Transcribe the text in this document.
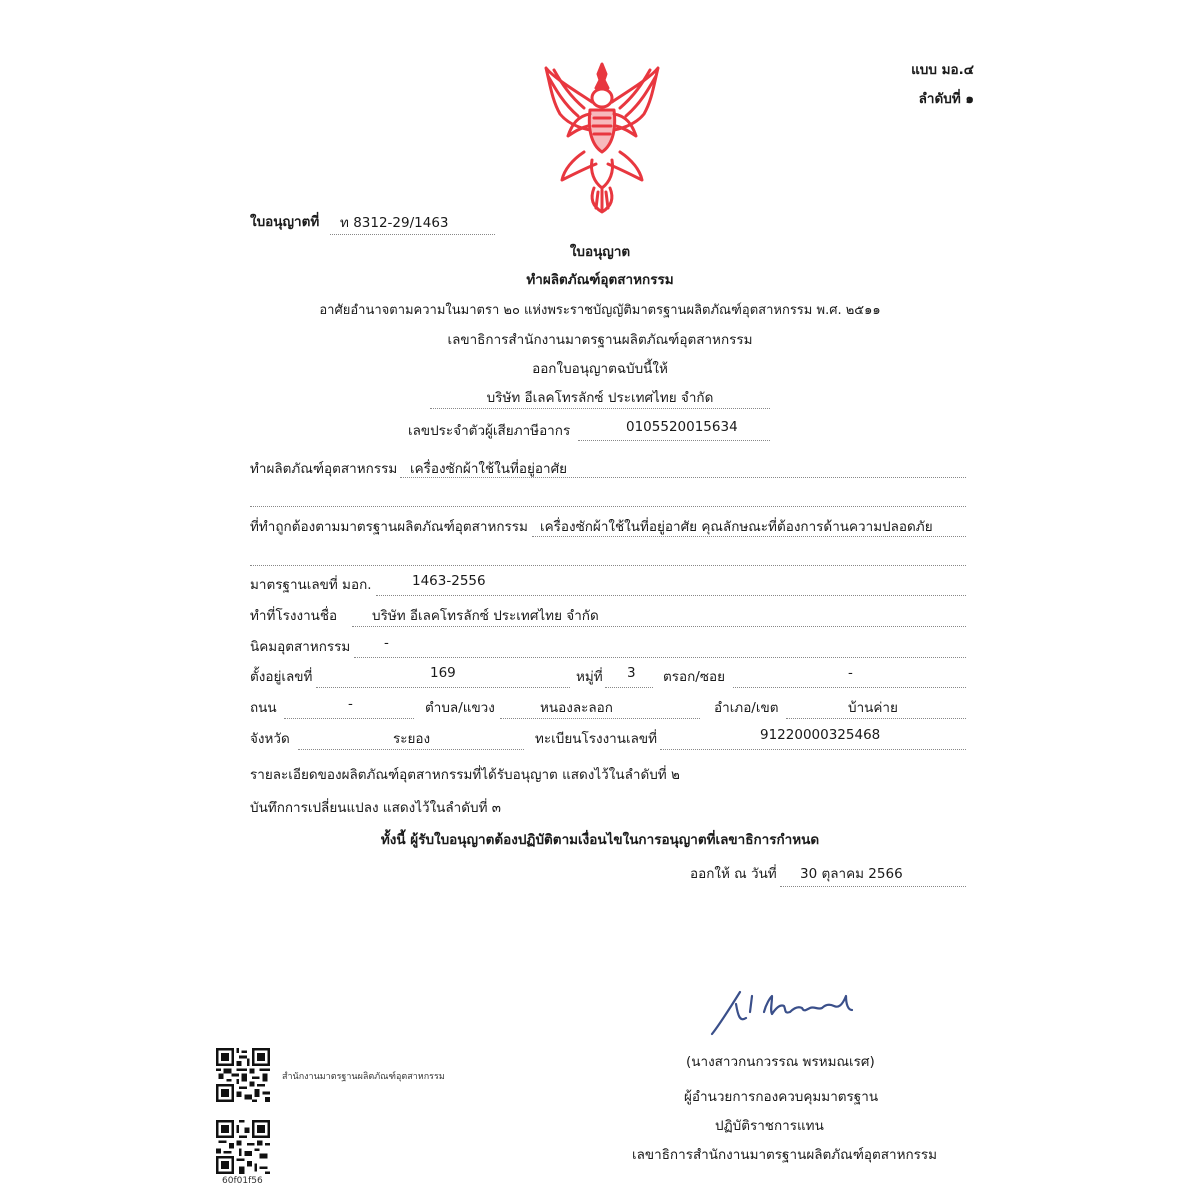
แบบ มอ.๔
ลำดับที่ ๑
ใบอนุญาตที่ ท 8312-29/1463
ใบอนุญาต
ทำผลิตภัณฑ์อุตสาหกรรม
อาศัยอำนาจตามความในมาตรา ๒๐ แห่งพระราชบัญญัติมาตรฐานผลิตภัณฑ์อุตสาหกรรม พ.ศ. ๒๕๑๑
เลขาธิการสำนักงานมาตรฐานผลิตภัณฑ์อุตสาหกรรม
ออกใบอนุญาตฉบับนี้ให้
บริษัท อีเลคโทรลักซ์ ประเทศไทย จำกัด
เลขประจำตัวผู้เสียภาษีอากร	0105520015634
ทำผลิตภัณฑ์อุตสาหกรรม เครื่องซักผ้าใช้ในที่อยู่อาศัย
ที่ทำถูกต้องตามมาตรฐานผลิตภัณฑ์อุตสาหกรรม เครื่องซักผ้าใช้ในที่อยู่อาศัย คุณลักษณะที่ต้องการด้านความปลอดภัย
มาตรฐานเลขที่ มอก.	1463-2556
ทำที่โรงงานชื่อ	บริษัท อีเลคโทรลักซ์ ประเทศไทย จำกัด
นิคมอุตสาหกรรม -
ตั้งอยู่เลขที่	169	หมู่ที่ 3 ตรอก/ซอย	-
ถนน	-	ตำบล/แขวง	หนองละลอก	อำเภอ/เขต	บ้านค่าย
จังหวัด	ระยอง	ทะเบียนโรงงานเลขที่	91220000325468
รายละเอียดของผลิตภัณฑ์อุตสาหกรรมที่ได้รับอนุญาต แสดงไว้ในลำดับที่ ๒
บันทึกการเปลี่ยนแปลง แสดงไว้ในลำดับที่ ๓
ทั้งนี้ ผู้รับใบอนุญาตต้องปฏิบัติตามเงื่อนไขในการอนุญาตที่เลขาธิการกำหนด
ออกให้ ณ วันที่ 30 ตุลาคม 2566
(นางสาวกนกวรรณ พรหมณเรศ)
ผู้อำนวยการกองควบคุมมาตรฐาน
ปฏิบัติราชการแทน
เลขาธิการสำนักงานมาตรฐานผลิตภัณฑ์อุตสาหกรรม
สำนักงานมาตรฐานผลิตภัณฑ์อุตสาหกรรม
60f01f56
